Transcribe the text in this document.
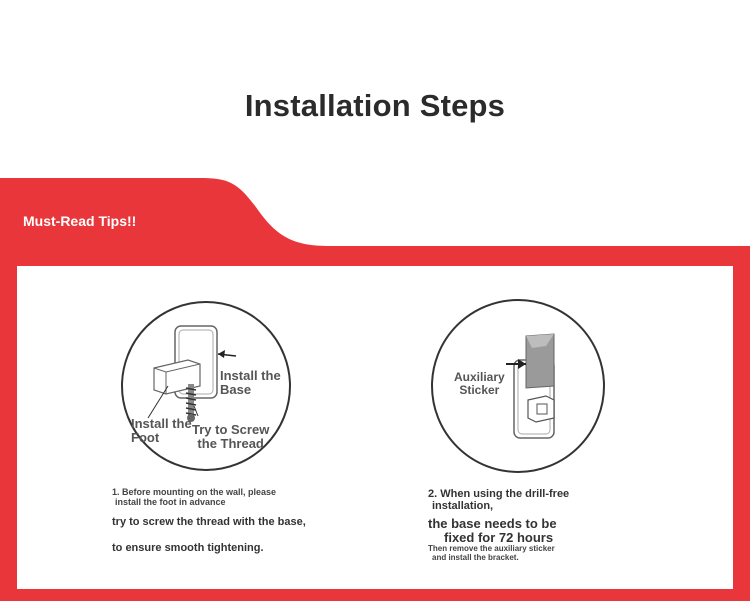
Installation Steps
Must-Read Tips!!
Install the
Base
Install the
Foot
Try to Screw
the Thread
1. Before mounting on the wall, please
install the foot in advance
try to screw the thread with the base,
to ensure smooth tightening.
Auxiliary
Sticker
2. When using the drill-free
installation,
the base needs to be
fixed for 72 hours
Then remove the auxiliary sticker
and install the bracket.
